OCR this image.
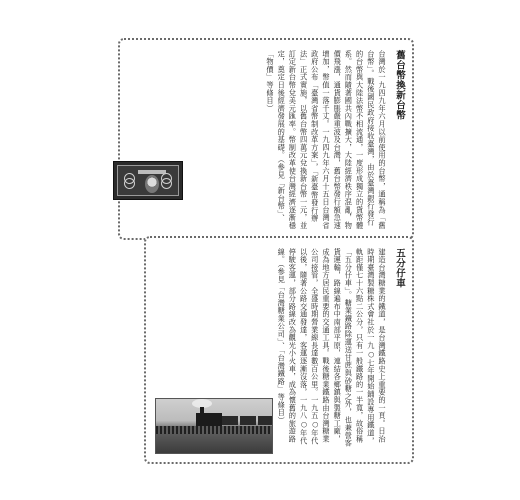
舊台幣換新台幣
台灣於一九四九年六月以前使用的台幣，通稱為「舊台幣」。戰後國民政府接收臺灣，由於臺灣銀行發行的台幣與大陸法幣不相流通，一度形成獨立的貨幣體系。然而隨著國共內戰擴大，大陸經濟秩序混亂，物價飛漲，通貨膨脹嚴重波及台灣，舊台幣發行額急速增加，幣值一落千丈。一九四九年六月十五日台灣省政府公布「臺灣省幣制改革方案」，「新臺幣發行辦法」正式實施，以舊台幣四萬元兌換新台幣一元，並訂定新台幣兌美元匯率。幣制改革使台灣經濟逐漸穩定，奠定日後經濟發展的基礎。（參見「新台幣」、「物價」等條目）
五分仔車
建造台灣糖業的鐵道，是台灣鐵路史上重要的一頁。日治時期臺灣製糖株式會社於一九○七年開始鋪設專用鐵道，軌距僅七十六點二公分，只有一般鐵路的一半寬，故俗稱「五分仔車」。糖業鐵路除運送甘蔗與砂糖之外，也兼營客貨運輸，路線遍布中南部平原，連結各鄉鎮與製糖工廠，成為地方居民重要的交通工具。戰後糖業鐵路由台灣糖業公司接管，全盛時期營業線長達數百公里。一九五○年代以後，隨著公路交通發達，客運逐漸沒落，一九八○年代停駛客運，部分路線改為觀光小火車，成為懷舊的旅遊路線。（參見「台灣糖業公司」、「台灣鐵路」等條目）
